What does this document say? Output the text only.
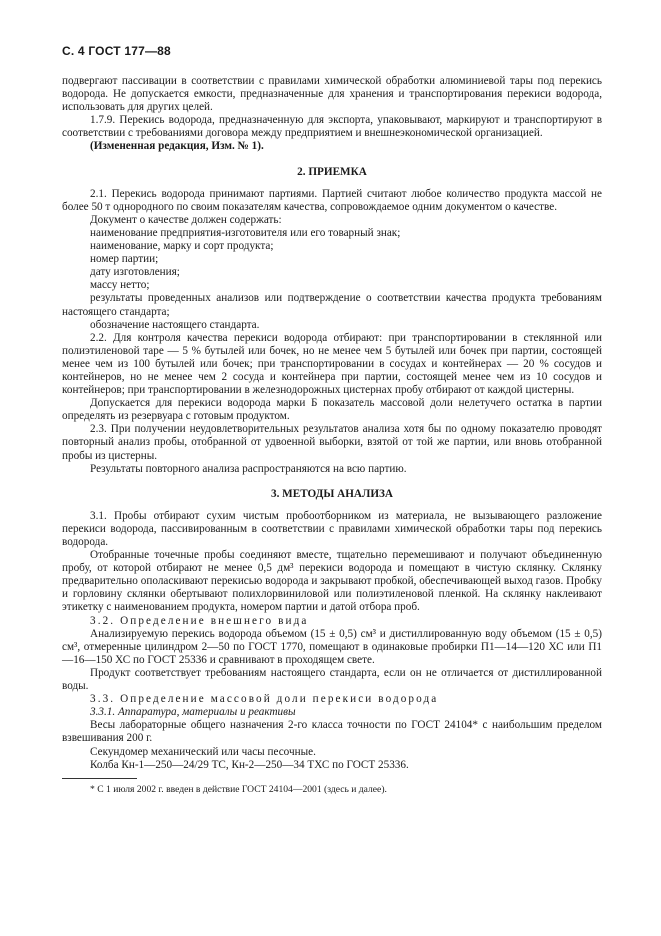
С. 4 ГОСТ 177—88

подвергают пассивации в соответствии с правилами химической обработки алюминиевой тары под перекись водорода. Не допускается емкости, предназначенные для хранения и транспортирования перекиси водорода, использовать для других целей.

1.7.9. Перекись водорода, предназначенную для экспорта, упаковывают, маркируют и транспортируют в соответствии с требованиями договора между предприятием и внешнеэкономической организацией.

(Измененная редакция, Изм. № 1).

2. ПРИЕМКА

2.1. Перекись водорода принимают партиями. Партией считают любое количество продукта массой не более 50 т однородного по своим показателям качества, сопровождаемое одним документом о качестве.

Документ о качестве должен содержать:

наименование предприятия-изготовителя или его товарный знак;

наименование, марку и сорт продукта;

номер партии;

дату изготовления;

массу нетто;

результаты проведенных анализов или подтверждение о соответствии качества продукта требованиям настоящего стандарта;

обозначение настоящего стандарта.

2.2. Для контроля качества перекиси водорода отбирают: при транспортировании в стеклянной или полиэтиленовой таре — 5 % бутылей или бочек, но не менее чем 5 бутылей или бочек при партии, состоящей менее чем из 100 бутылей или бочек; при транспортировании в сосудах и контейнерах — 20 % сосудов и контейнеров, но не менее чем 2 сосуда и контейнера при партии, состоящей менее чем из 10 сосудов и контейнеров; при транспортировании в железнодорожных цистернах пробу отбирают от каждой цистерны.

Допускается для перекиси водорода марки Б показатель массовой доли нелетучего остатка в партии определять из резервуара с готовым продуктом.

2.3. При получении неудовлетворительных результатов анализа хотя бы по одному показателю проводят повторный анализ пробы, отобранной от удвоенной выборки, взятой от той же партии, или вновь отобранной пробы из цистерны.

Результаты повторного анализа распространяются на всю партию.

3. МЕТОДЫ АНАЛИЗА

3.1. Пробы отбирают сухим чистым пробоотборником из материала, не вызывающего разложение перекиси водорода, пассивированным в соответствии с правилами химической обработки тары под перекись водорода.

Отобранные точечные пробы соединяют вместе, тщательно перемешивают и получают объединенную пробу, от которой отбирают не менее 0,5 дм³ перекиси водорода и помещают в чистую склянку. Склянку предварительно ополаскивают перекисью водорода и закрывают пробкой, обеспечивающей выход газов. Пробку и горловину склянки обертывают полихлорвиниловой или полиэтиленовой пленкой. На склянку наклеивают этикетку с наименованием продукта, номером партии и датой отбора проб.

3.2. Определение внешнего вида

Анализируемую перекись водорода объемом (15 ± 0,5) см³ и дистиллированную воду объемом (15 ± 0,5) см³, отмеренные цилиндром 2—50 по ГОСТ 1770, помещают в одинаковые пробирки П1—14—120 ХС или П1—16—150 ХС по ГОСТ 25336 и сравнивают в проходящем свете.

Продукт соответствует требованиям настоящего стандарта, если он не отличается от дистиллированной воды.

3.3. Определение массовой доли перекиси водорода

3.3.1. Аппаратура, материалы и реактивы

Весы лабораторные общего назначения 2-го класса точности по ГОСТ 24104* с наибольшим пределом взвешивания 200 г.

Секундомер механический или часы песочные.

Колба Кн-1—250—24/29 ТС, Кн-2—250—34 ТХС по ГОСТ 25336.

* С 1 июля 2002 г. введен в действие ГОСТ 24104—2001 (здесь и далее).
